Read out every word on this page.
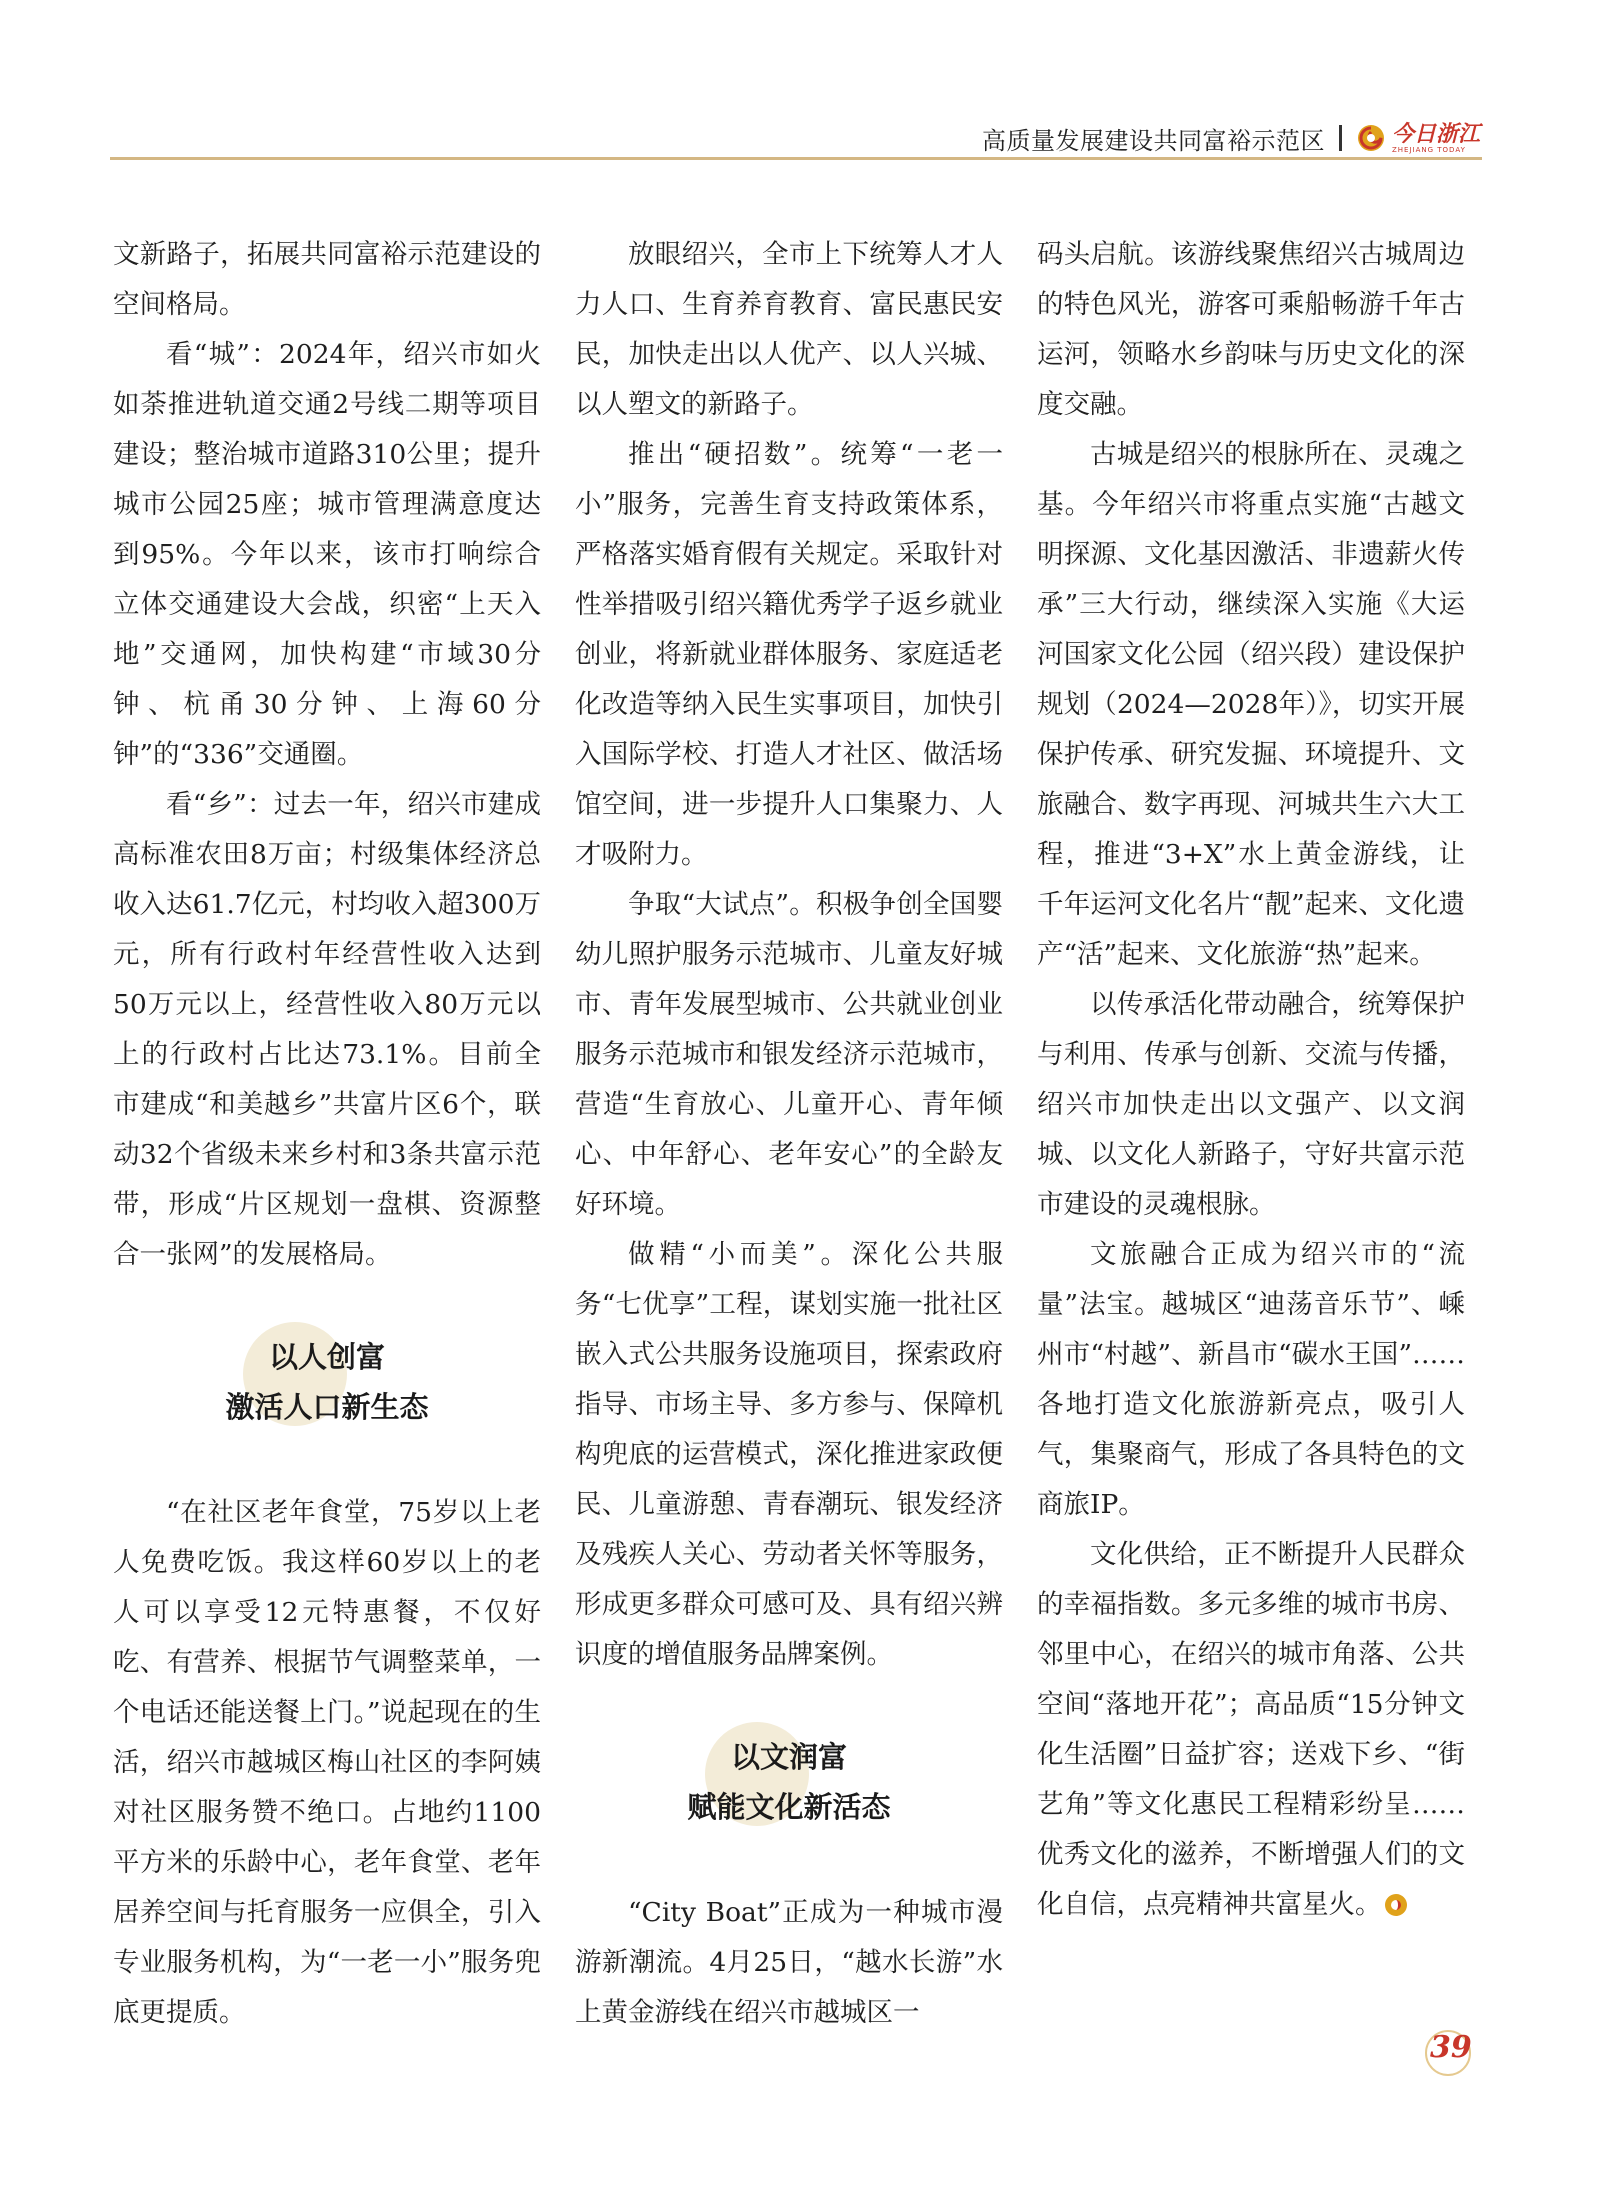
高质量发展建设共同富裕示范区	今日浙江
ZHEJIANG TODAY

文新路子，拓展共同富裕示范建设的空间格局。

看“城”：2024年，绍兴市如火如荼推进轨道交通2号线二期等项目建设；整治城市道路310公里；提升城市公园25座；城市管理满意度达到95%。今年以来，该市打响综合立体交通建设大会战，织密“上天入地”交通网，加快构建“市域30分钟、杭甬30分钟、上海60分钟”的“336”交通圈。

看“乡”：过去一年，绍兴市建成高标准农田8万亩；村级集体经济总收入达61.7亿元，村均收入超300万元，所有行政村年经营性收入达到50万元以上，经营性收入80万元以上的行政村占比达73.1%。目前全市建成“和美越乡”共富片区6个，联动32个省级未来乡村和3条共富示范带，形成“片区规划一盘棋、资源整合一张网”的发展格局。

以人创富
激活人口新生态

“在社区老年食堂，75岁以上老人免费吃饭。我这样60岁以上的老人可以享受12元特惠餐，不仅好吃、有营养、根据节气调整菜单，一个电话还能送餐上门。”说起现在的生活，绍兴市越城区梅山社区的李阿姨对社区服务赞不绝口。占地约1100平方米的乐龄中心，老年食堂、老年居养空间与托育服务一应俱全，引入专业服务机构，为“一老一小”服务兜底更提质。

放眼绍兴，全市上下统筹人才人力人口、生育养育教育、富民惠民安民，加快走出以人优产、以人兴城、以人塑文的新路子。

推出“硬招数”。统筹“一老一小”服务，完善生育支持政策体系，严格落实婚育假有关规定。采取针对性举措吸引绍兴籍优秀学子返乡就业创业，将新就业群体服务、家庭适老化改造等纳入民生实事项目，加快引入国际学校、打造人才社区、做活场馆空间，进一步提升人口集聚力、人才吸附力。

争取“大试点”。积极争创全国婴幼儿照护服务示范城市、儿童友好城市、青年发展型城市、公共就业创业服务示范城市和银发经济示范城市，营造“生育放心、儿童开心、青年倾心、中年舒心、老年安心”的全龄友好环境。

做精“小而美”。深化公共服务“七优享”工程，谋划实施一批社区嵌入式公共服务设施项目，探索政府指导、市场主导、多方参与、保障机构兜底的运营模式，深化推进家政便民、儿童游憩、青春潮玩、银发经济及残疾人关心、劳动者关怀等服务，形成更多群众可感可及、具有绍兴辨识度的增值服务品牌案例。

以文润富
赋能文化新活态

“City Boat”正成为一种城市漫游新潮流。4月25日，“越水长游”水上黄金游线在绍兴市越城区一

码头启航。该游线聚焦绍兴古城周边的特色风光，游客可乘船畅游千年古运河，领略水乡韵味与历史文化的深度交融。

古城是绍兴的根脉所在、灵魂之基。今年绍兴市将重点实施“古越文明探源、文化基因激活、非遗薪火传承”三大行动，继续深入实施《大运河国家文化公园（绍兴段）建设保护规划（2024—2028年）》，切实开展保护传承、研究发掘、环境提升、文旅融合、数字再现、河城共生六大工程，推进“3+X”水上黄金游线，让千年运河文化名片“靓”起来、文化遗产“活”起来、文化旅游“热”起来。

以传承活化带动融合，统筹保护与利用、传承与创新、交流与传播，绍兴市加快走出以文强产、以文润城、以文化人新路子，守好共富示范市建设的灵魂根脉。

文旅融合正成为绍兴市的“流量”法宝。越城区“迪荡音乐节”、嵊州市“村越”、新昌市“碳水王国”……各地打造文化旅游新亮点，吸引人气，集聚商气，形成了各具特色的文商旅IP。

文化供给，正不断提升人民群众的幸福指数。多元多维的城市书房、邻里中心，在绍兴的城市角落、公共空间“落地开花”；高品质“15分钟文化生活圈”日益扩容；送戏下乡、“街艺角”等文化惠民工程精彩纷呈……优秀文化的滋养，不断增强人们的文化自信，点亮精神共富星火。

39
